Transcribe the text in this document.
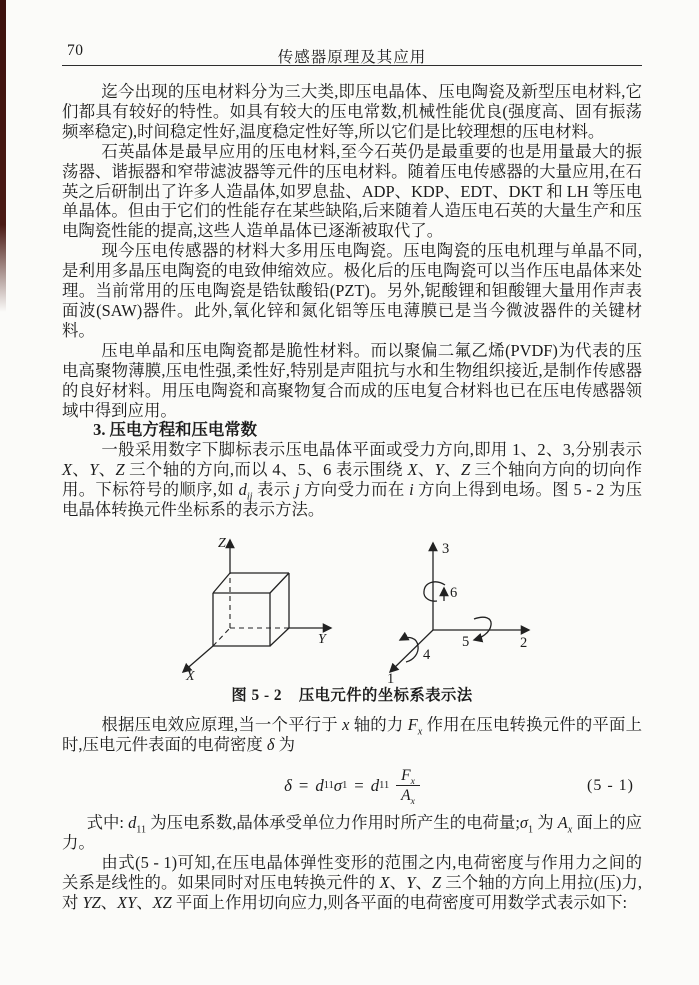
70	传感器原理及其应用

迄今出现的压电材料分为三大类,即压电晶体、压电陶瓷及新型压电材料,它们都具有较好的特性。如具有较大的压电常数,机械性能优良(强度高、固有振荡频率稳定),时间稳定性好,温度稳定性好等,所以它们是比较理想的压电材料。

石英晶体是最早应用的压电材料,至今石英仍是最重要的也是用量最大的振荡器、谐振器和窄带滤波器等元件的压电材料。随着压电传感器的大量应用,在石英之后研制出了许多人造晶体,如罗息盐、ADP、KDP、EDT、DKT 和 LH 等压电单晶体。但由于它们的性能存在某些缺陷,后来随着人造压电石英的大量生产和压电陶瓷性能的提高,这些人造单晶体已逐渐被取代了。

现今压电传感器的材料大多用压电陶瓷。压电陶瓷的压电机理与单晶不同,是利用多晶压电陶瓷的电致伸缩效应。极化后的压电陶瓷可以当作压电晶体来处理。当前常用的压电陶瓷是锆钛酸铅(PZT)。另外,铌酸锂和钽酸锂大量用作声表面波(SAW)器件。此外,氧化锌和氮化铝等压电薄膜已是当今微波器件的关键材料。

压电单晶和压电陶瓷都是脆性材料。而以聚偏二氟乙烯(PVDF)为代表的压电高聚物薄膜,压电性强,柔性好,特别是声阻抗与水和生物组织接近,是制作传感器的良好材料。用压电陶瓷和高聚物复合而成的压电复合材料也已在压电传感器领域中得到应用。

3. 压电方程和压电常数

一般采用数字下脚标表示压电晶体平面或受力方向,即用 1、2、3,分别表示 X、Y、Z 三个轴的方向,而以 4、5、6 表示围绕 X、Y、Z 三个轴向方向的切向作用。下标符号的顺序,如 $d_{ij}$ 表示 j 方向受力而在 i 方向上得到电场。图 5 - 2 为压电晶体转换元件坐标系的表示方法。

Z
Y
X
3
2
1
6
5
4
图 5 - 2 压电元件的坐标系表示法

根据压电效应原理,当一个平行于 x 轴的力 $F_x$ 作用在压电转换元件的平面上时,压电元件表面的电荷密度 δ 为

δ = d 11 σ 1 = d $11 \frac{F_x}{A_x}$	(5 - 1)

式中: $d_{11}$ 为压电系数,晶体承受单位力作用时所产生的电荷量$;\sigma_1$ 为 $A_x$ 面上的应力。

由式(5 - 1)可知,在压电晶体弹性变形的范围之内,电荷密度与作用力之间的关系是线性的。如果同时对压电转换元件的 X、Y、Z 三个轴的方向上用拉(压)力,对 YZ、XY、XZ 平面上作用切向应力,则各平面的电荷密度可用数学式表示如下:
